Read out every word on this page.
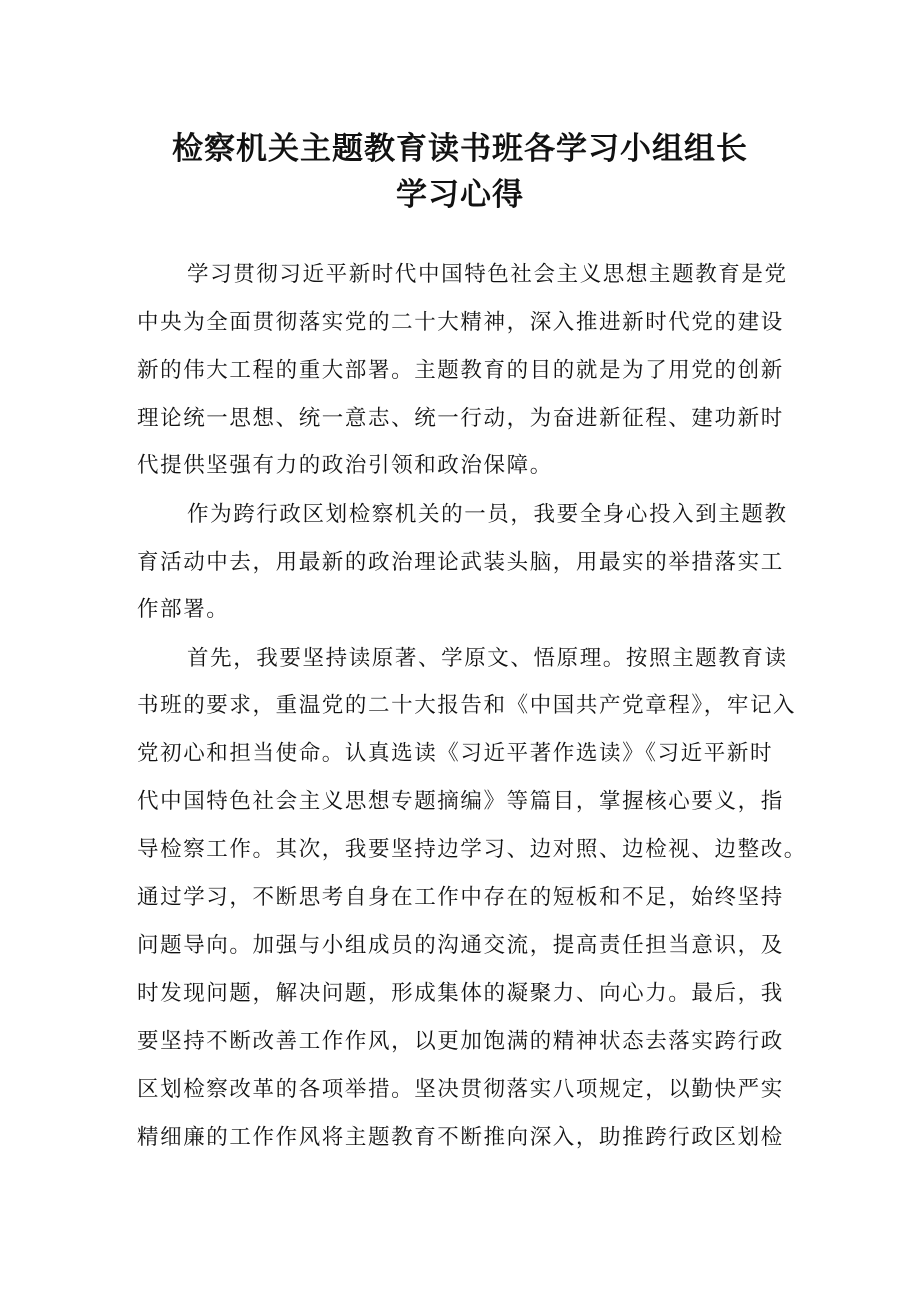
检察机关主题教育读书班各学习小组组长
学习心得
学习贯彻习近平新时代中国特色社会主义思想主题教育是党
中央为全面贯彻落实党的二十大精神，深入推进新时代党的建设
新的伟大工程的重大部署。主题教育的目的就是为了用党的创新
理论统一思想、统一意志、统一行动，为奋进新征程、建功新时
代提供坚强有力的政治引领和政治保障。
作为跨行政区划检察机关的一员，我要全身心投入到主题教
育活动中去，用最新的政治理论武装头脑，用最实的举措落实工
作部署。
首先，我要坚持读原著、学原文、悟原理。按照主题教育读
书班的要求，重温党的二十大报告和《中国共产党章程》，牢记入
党初心和担当使命。认真选读《习近平著作选读》《习近平新时
代中国特色社会主义思想专题摘编》等篇目，掌握核心要义，指
导检察工作。其次，我要坚持边学习、边对照、边检视、边整改。
通过学习，不断思考自身在工作中存在的短板和不足，始终坚持
问题导向。加强与小组成员的沟通交流，提高责任担当意识，及
时发现问题，解决问题，形成集体的凝聚力、向心力。最后，我
要坚持不断改善工作作风，以更加饱满的精神状态去落实跨行政
区划检察改革的各项举措。坚决贯彻落实八项规定，以勤快严实
精细廉的工作作风将主题教育不断推向深入，助推跨行政区划检
